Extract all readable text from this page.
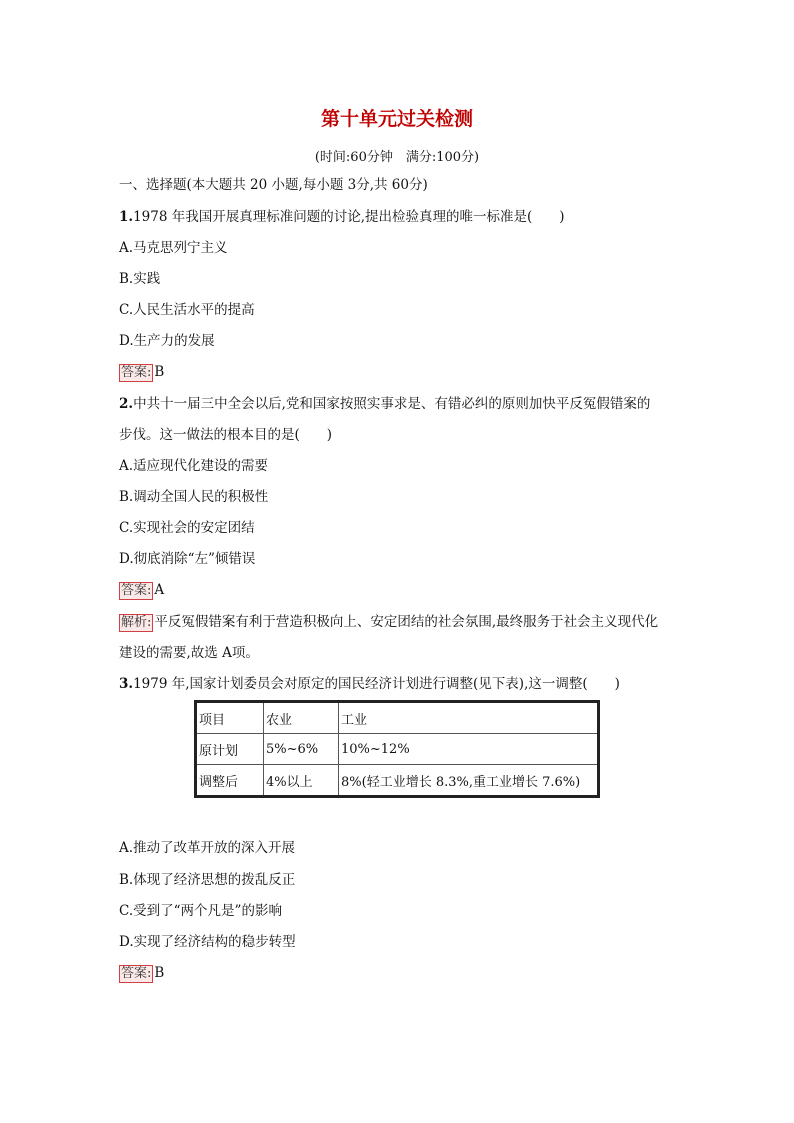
第十单元过关检测
(时间:60分钟　满分:100分)
一、选择题(本大题共 20 小题,每小题 3分,共 60分)
1.1978 年我国开展真理标准问题的讨论,提出检验真理的唯一标准是(　　)
A.马克思列宁主义
B.实践
C.人民生活水平的提高
D.生产力的发展
答案: B
2.中共十一届三中全会以后,党和国家按照实事求是、有错必纠的原则加快平反冤假错案的
步伐。这一做法的根本目的是(　　)
A.适应现代化建设的需要
B.调动全国人民的积极性
C.实现社会的安定团结
D.彻底消除“左”倾错误
答案: A
解析: 平反冤假错案有利于营造积极向上、安定团结的社会氛围,最终服务于社会主义现代化
建设的需要,故选 A项。
3.1979 年,国家计划委员会对原定的国民经济计划进行调整(见下表),这一调整(　　)
项目	农业	工业
原计划	5%~6%	10%~12%
调整后	4%以上	8%(轻工业增长 8.3%,重工业增长 7.6%)
A.推动了改革开放的深入开展
B.体现了经济思想的拨乱反正
C.受到了“两个凡是”的影响
D.实现了经济结构的稳步转型
答案: B
